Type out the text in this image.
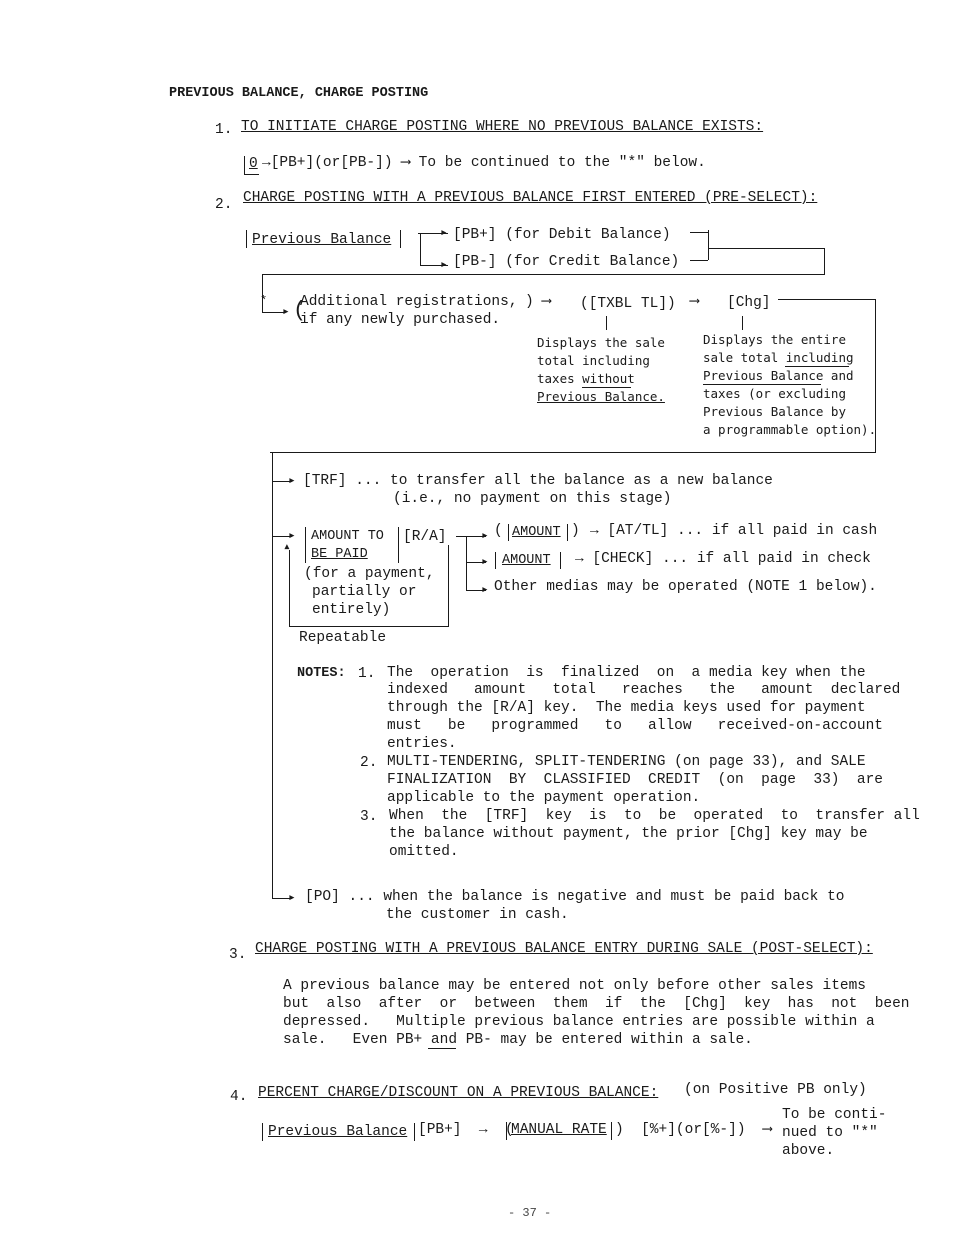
PREVIOUS BALANCE, CHARGE POSTING
1. TO INITIATE CHARGE POSTING WHERE NO PREVIOUS BALANCE EXISTS:
0 →[PB+](or[PB-]) ⟶ To be continued to the "*" below.
2. CHARGE POSTING WITH A PREVIOUS BALANCE FIRST ENTERED (PRE-SELECT):
Previous Balance	▸
▸
[PB+] (for Debit Balance)
[PB-] (for Credit Balance)
*
▸ (
Additional registrations,
if any newly purchased.
) ⟶ ([TXBL TL]) ⟶ [Chg]
Displays the sale
total including
taxes without
Previous Balance.
Displays the entire
sale total including
Previous Balance and
taxes (or excluding
Previous Balance by
a programmable option).
▸ [TRF] ... to transfer all the balance as a new balance
(i.e., no payment on this stage)
▸ AMOUNT TO
BE PAID
[R/A]
(for a payment,
partially or
entirely)
▴
Repeatable
▸
▸
▸
( AMOUNT ) → [AT/TL] ... if all paid in cash
AMOUNT → [CHECK] ... if all paid in check
Other medias may be operated (NOTE 1 below).
NOTES: 1. The  operation  is  finalized  on  a media key when the
indexed   amount   total   reaches   the   amount  declared
through the [R/A] key.  The media keys used for payment
must   be   programmed   to   allow   received-on-account
entries.
2. MULTI-TENDERING, SPLIT-TENDERING (on page 33), and SALE
FINALIZATION  BY  CLASSIFIED  CREDIT  (on  page  33)  are
applicable to the payment operation.
3. When  the  [TRF]  key  is  to  be  operated  to  transfer all
the balance without payment, the prior [Chg] key may be
omitted.
▸ [PO] ... when the balance is negative and must be paid back to
the customer in cash.
3. CHARGE POSTING WITH A PREVIOUS BALANCE ENTRY DURING SALE (POST-SELECT):
A previous balance may be entered not only before other sales items
but  also  after  or  between  them  if  the  [Chg]  key  has  not  been
depressed.   Multiple previous balance entries are possible within a
sale.   Even PB+ and PB- may be entered within a sale.
4. PERCENT CHARGE/DISCOUNT ON A PREVIOUS BALANCE: (on Positive PB only)
Previous Balance [PB+]  →  (
MANUAL RATE )  [%+](or[%-])  ⟶
To be conti-
nued to "*"
above.
- 37 -
